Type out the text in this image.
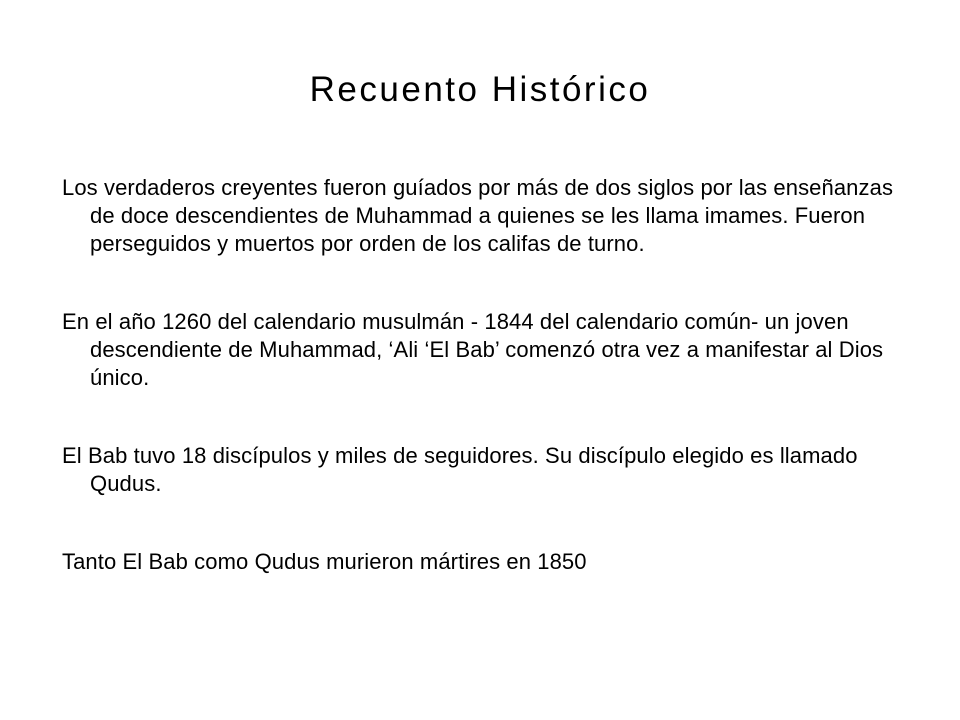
Recuento Histórico

Los verdaderos creyentes fueron guíados por más de dos siglos por las enseñanzas de doce descendientes de Muhammad a quienes se les llama imames. Fueron perseguidos y muertos por orden de los califas de turno.

En el año 1260 del calendario musulmán - 1844 del calendario común- un joven descendiente de Muhammad, ‘Ali ‘El Bab’ comenzó otra vez a manifestar al Dios único.

El Bab tuvo 18 discípulos y miles de seguidores. Su discípulo elegido es llamado Qudus.

Tanto El Bab como Qudus murieron mártires en 1850
